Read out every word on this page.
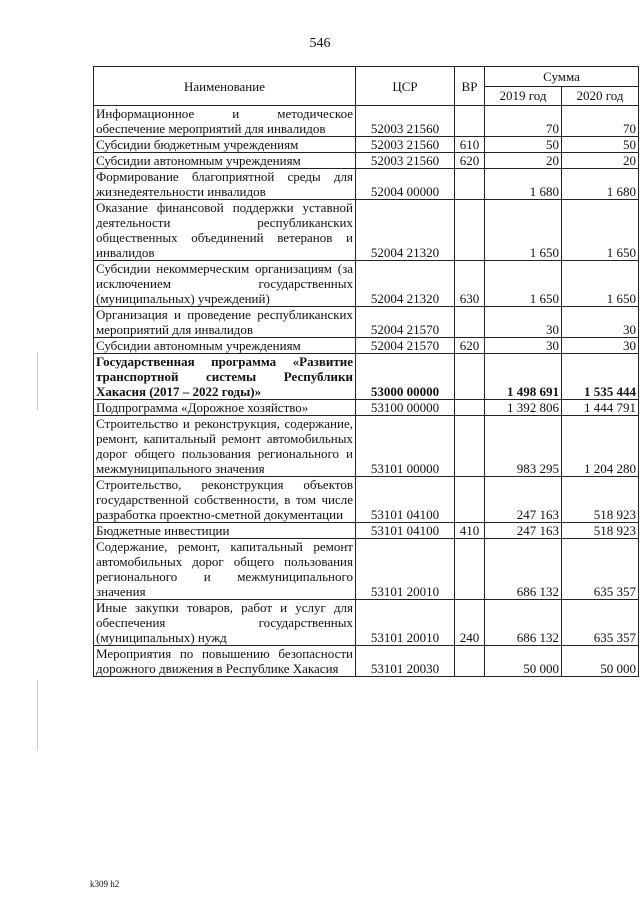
546
Наименование	ЦСР	ВР	Сумма	
			2019 год	2020 год
Информационное и методическое обеспечение мероприятий для инвалидов	52003 21560		70	70
Субсидии бюджетным учреждениям	52003 21560	610	50	50
Субсидии автономным учреждениям	52003 21560	620	20	20
Формирование благоприятной среды для жизнедеятельности инвалидов	52004 00000		1 680	1 680
Оказание финансовой поддержки уставной деятельности республиканских общественных объединений ветеранов и инвалидов	52004 21320		1 650	1 650
Субсидии некоммерческим организациям (за исключением государственных (муниципальных) учреждений)	52004 21320	630	1 650	1 650
Организация и проведение республиканских мероприятий для инвалидов	52004 21570		30	30
Субсидии автономным учреждениям	52004 21570	620	30	30
Государственная программа «Развитие транспортной системы Республики Хакасия (2017 – 2022 годы)»	53000 00000		1 498 691	1 535 444
Подпрограмма «Дорожное хозяйство»	53100 00000		1 392 806	1 444 791
Строительство и реконструкция, содержание, ремонт, капитальный ремонт автомобильных дорог общего пользования регионального и межмуниципального значения	53101 00000		983 295	1 204 280
Строительство, реконструкция объектов государственной собственности, в том числе разработка проектно-сметной документации	53101 04100		247 163	518 923
Бюджетные инвестиции	53101 04100	410	247 163	518 923
Содержание, ремонт, капитальный ремонт автомобильных дорог общего пользования регионального и межмуниципального значения	53101 20010		686 132	635 357
Иные закупки товаров, работ и услуг для обеспечения государственных (муниципальных) нужд	53101 20010	240	686 132	635 357
Мероприятия по повышению безопасности дорожного движения в Республике Хакасия	53101 20030		50 000	50 000
k309 h2
